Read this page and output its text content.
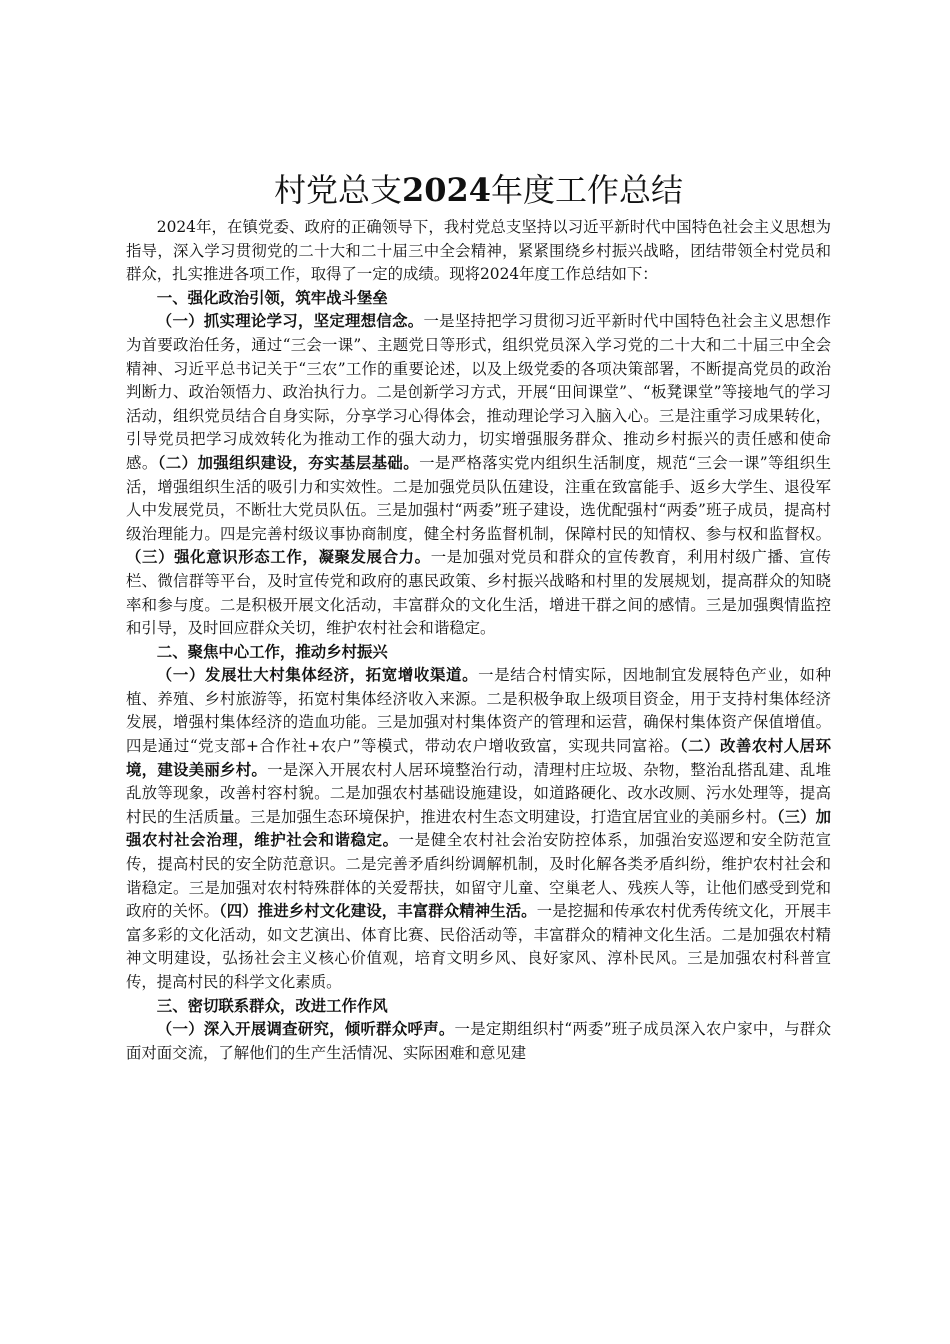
村党总支2024年度工作总结

2024年，在镇党委、政府的正确领导下，我村党总支坚持以习近平新时代中国特色社会主义思想为指导，深入学习贯彻党的二十大和二十届三中全会精神，紧紧围绕乡村振兴战略，团结带领全村党员和群众，扎实推进各项工作，取得了一定的成绩。现将2024年度工作总结如下：

一、强化政治引领，筑牢战斗堡垒

（一）抓实理论学习，坚定理想信念。一是坚持把学习贯彻习近平新时代中国特色社会主义思想作为首要政治任务，通过“三会一课”、主题党日等形式，组织党员深入学习党的二十大和二十届三中全会精神、习近平总书记关于“三农”工作的重要论述，以及上级党委的各项决策部署，不断提高党员的政治判断力、政治领悟力、政治执行力。二是创新学习方式，开展“田间课堂”、“板凳课堂”等接地气的学习活动，组织党员结合自身实际，分享学习心得体会，推动理论学习入脑入心。三是注重学习成果转化，引导党员把学习成效转化为推动工作的强大动力，切实增强服务群众、推动乡村振兴的责任感和使命感。（二）加强组织建设，夯实基层基础。一是严格落实党内组织生活制度，规范“三会一课”等组织生活，增强组织生活的吸引力和实效性。二是加强党员队伍建设，注重在致富能手、返乡大学生、退役军人中发展党员，不断壮大党员队伍。三是加强村“两委”班子建设，选优配强村“两委”班子成员，提高村级治理能力。四是完善村级议事协商制度，健全村务监督机制，保障村民的知情权、参与权和监督权。（三）强化意识形态工作，凝聚发展合力。一是加强对党员和群众的宣传教育，利用村级广播、宣传栏、微信群等平台，及时宣传党和政府的惠民政策、乡村振兴战略和村里的发展规划，提高群众的知晓率和参与度。二是积极开展文化活动，丰富群众的文化生活，增进干群之间的感情。三是加强舆情监控和引导，及时回应群众关切，维护农村社会和谐稳定。

二、聚焦中心工作，推动乡村振兴

（一）发展壮大村集体经济，拓宽增收渠道。一是结合村情实际，因地制宜发展特色产业，如种植、养殖、乡村旅游等，拓宽村集体经济收入来源。二是积极争取上级项目资金，用于支持村集体经济发展，增强村集体经济的造血功能。三是加强对村集体资产的管理和运营，确保村集体资产保值增值。四是通过“党支部+合作社+农户”等模式，带动农户增收致富，实现共同富裕。（二）改善农村人居环境，建设美丽乡村。一是深入开展农村人居环境整治行动，清理村庄垃圾、杂物，整治乱搭乱建、乱堆乱放等现象，改善村容村貌。二是加强农村基础设施建设，如道路硬化、改水改厕、污水处理等，提高村民的生活质量。三是加强生态环境保护，推进农村生态文明建设，打造宜居宜业的美丽乡村。（三）加强农村社会治理，维护社会和谐稳定。一是健全农村社会治安防控体系，加强治安巡逻和安全防范宣传，提高村民的安全防范意识。二是完善矛盾纠纷调解机制，及时化解各类矛盾纠纷，维护农村社会和谐稳定。三是加强对农村特殊群体的关爱帮扶，如留守儿童、空巢老人、残疾人等，让他们感受到党和政府的关怀。（四）推进乡村文化建设，丰富群众精神生活。一是挖掘和传承农村优秀传统文化，开展丰富多彩的文化活动，如文艺演出、体育比赛、民俗活动等，丰富群众的精神文化生活。二是加强农村精神文明建设，弘扬社会主义核心价值观，培育文明乡风、良好家风、淳朴民风。三是加强农村科普宣传，提高村民的科学文化素质。

三、密切联系群众，改进工作作风

（一）深入开展调查研究，倾听群众呼声。一是定期组织村“两委”班子成员深入农户家中，与群众面对面交流，了解他们的生产生活情况、实际困难和意见建
